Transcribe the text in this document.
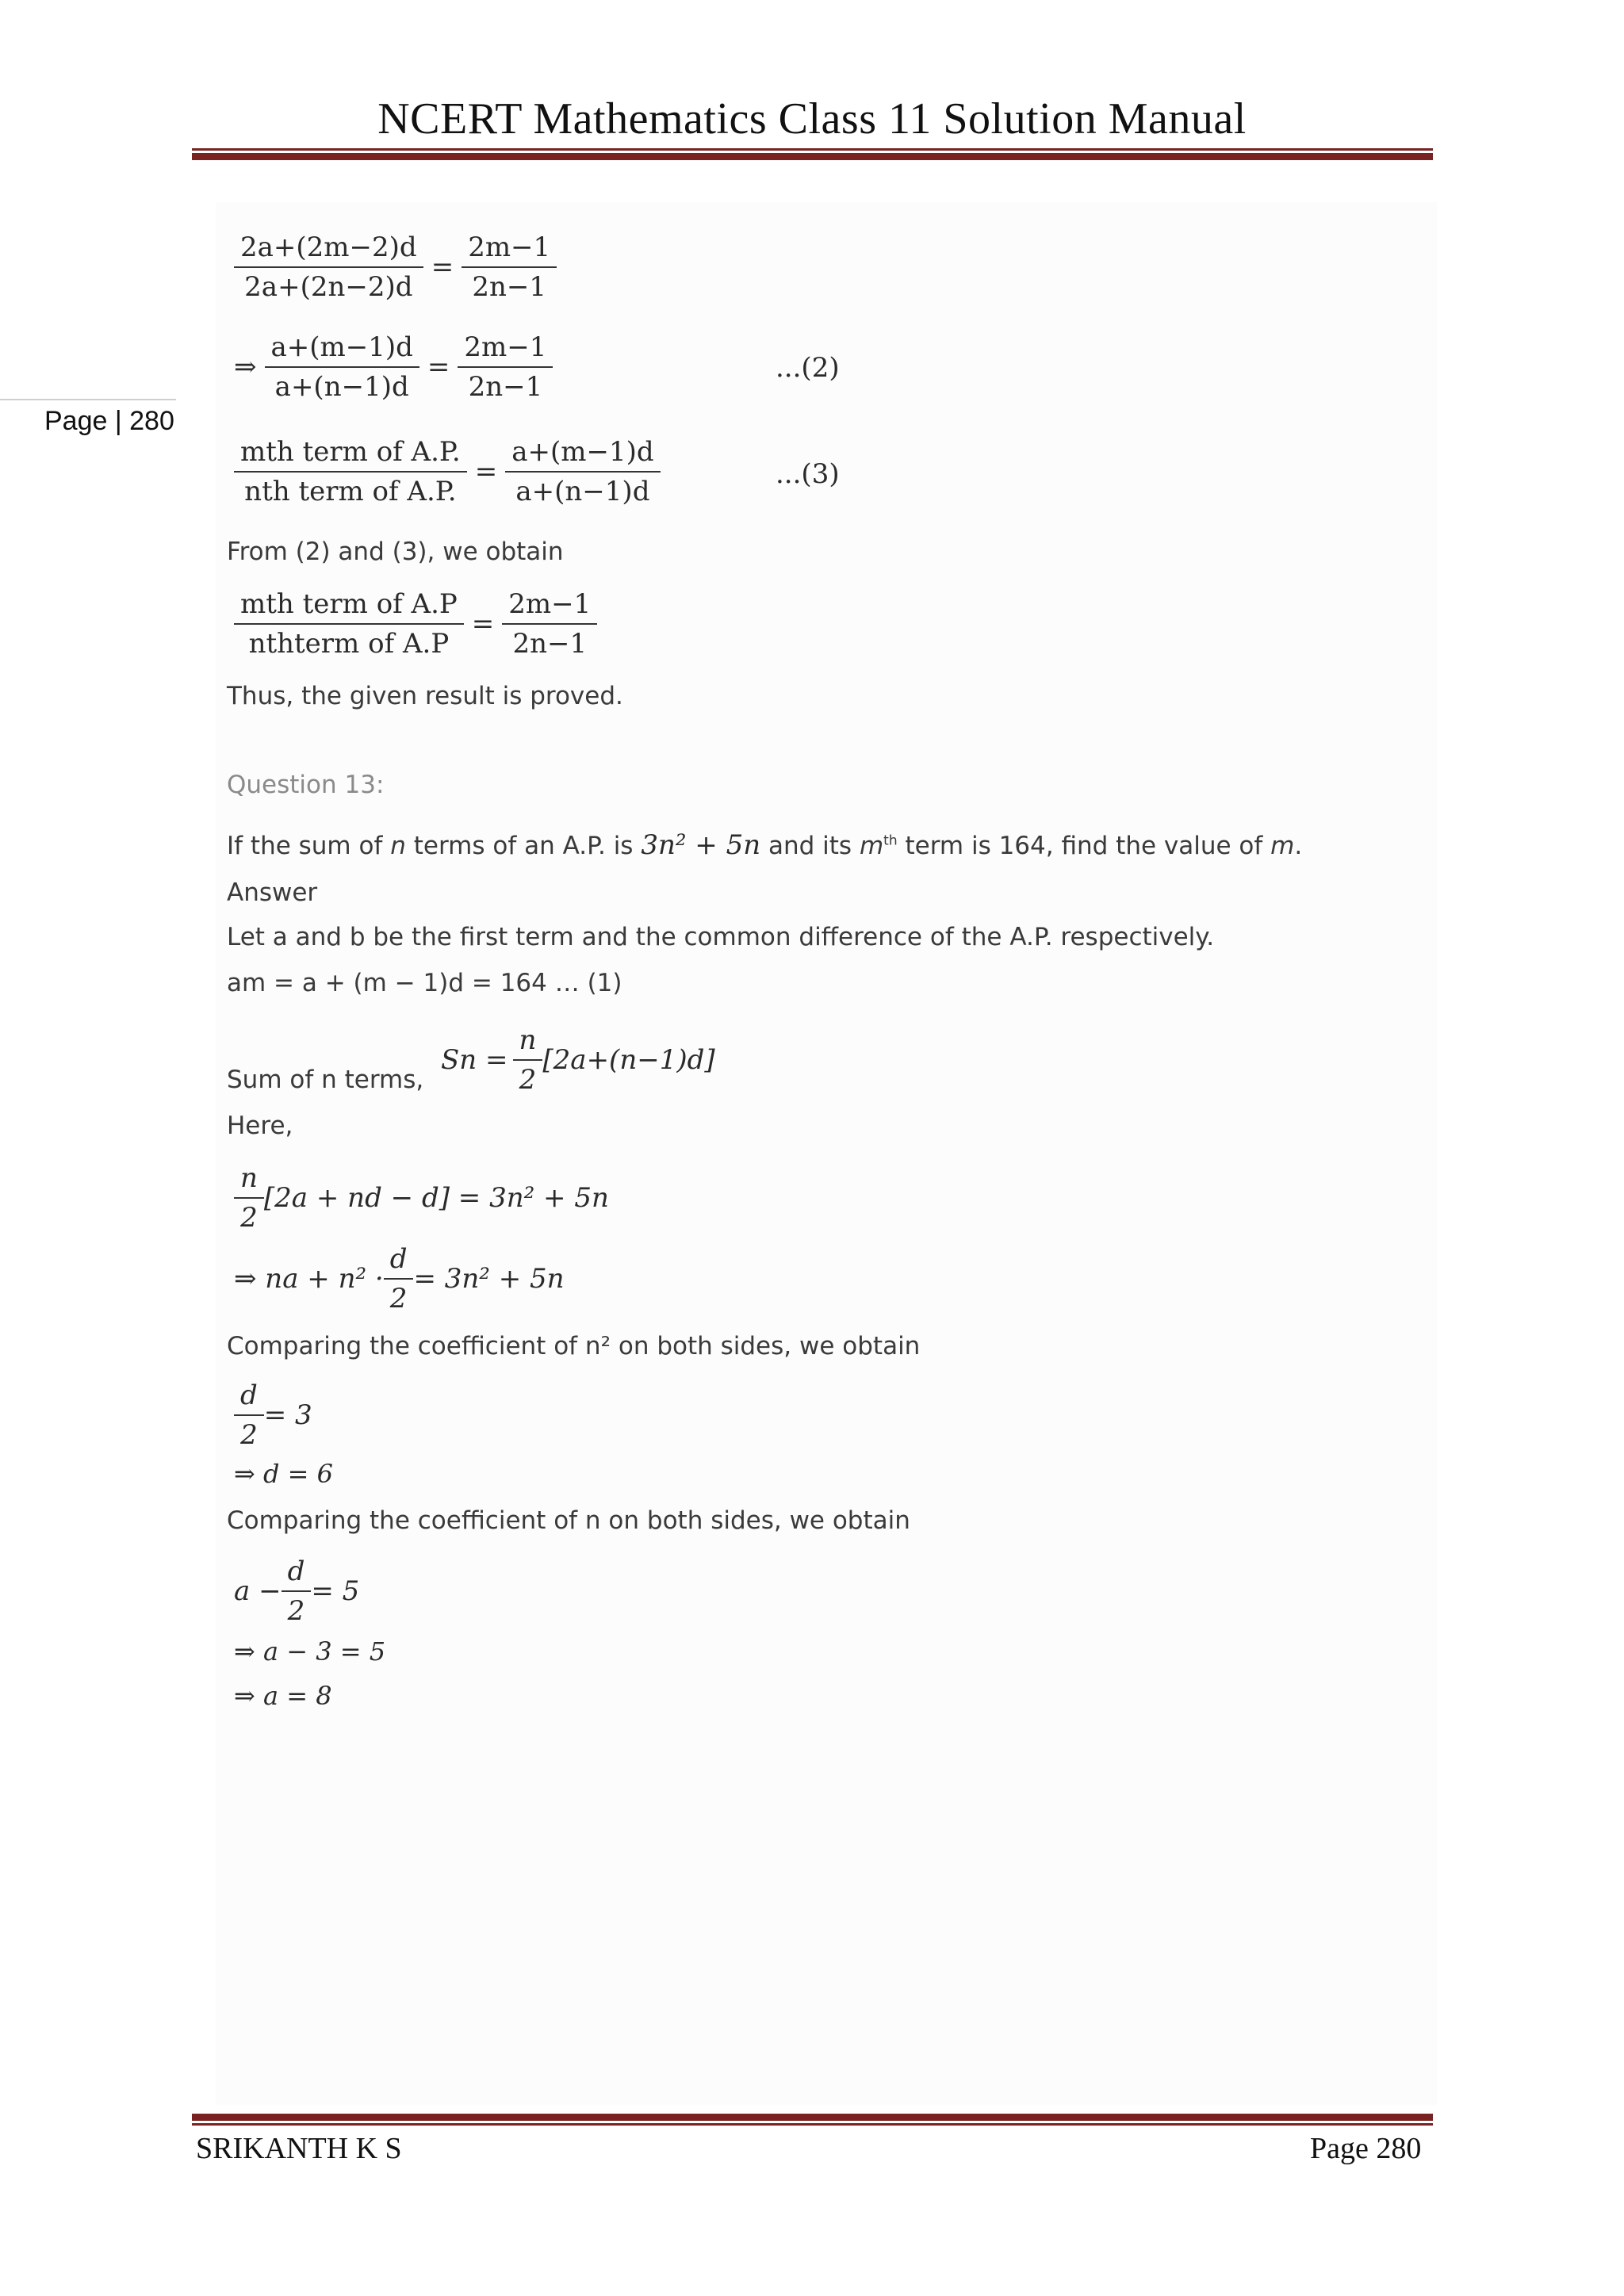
NCERT Mathematics Class 11 Solution Manual
Page | 280
$\frac{2a+(2m-2)d}{2a+(2n-2)d} = \frac{2m-1}{2n-1}$
⇒ $\frac{a+(m-1)d}{a+(n-1)d} = \frac{2m-1}{2n-1}$	...(2)
$\frac{\text{mth term of A.P.}}{\text{nth term of A.P.}} = \frac{a+(m-1)d}{a+(n-1)d}$	...(3)
From (2) and (3), we obtain
$\frac{\text{mth term of A.P}}{\text{nthterm of A.P}} = \frac{2m-1}{2n-1}$
Thus, the given result is proved.
Question 13:
If the sum of n terms of an A.P. is 3n² + 5n and its $m^{th}$ term is 164, find the value of m.
Answer
Let a and b be the first term and the common difference of the A.P. respectively.
am = a + (m − 1)d = 164 … (1)
Sum of n terms,
$Sn = \frac{n}{2} [2a+(n-1)d]$
Here,
$\frac{n}{2} [2a$ + nd − d] = 3n² + 5n
⇒ na + $n^2 \cdot \frac{d}{2} = 3n^2 + 5n$
Comparing the coefficient of n² on both sides, we obtain
$\frac{d}{2} = 3$
⇒ d = 6
Comparing the coefficient of n on both sides, we obtain
$a - \frac{d}{2} = 5$
⇒ a − 3 = 5
⇒ a = 8
SRIKANTH K S	Page 280
